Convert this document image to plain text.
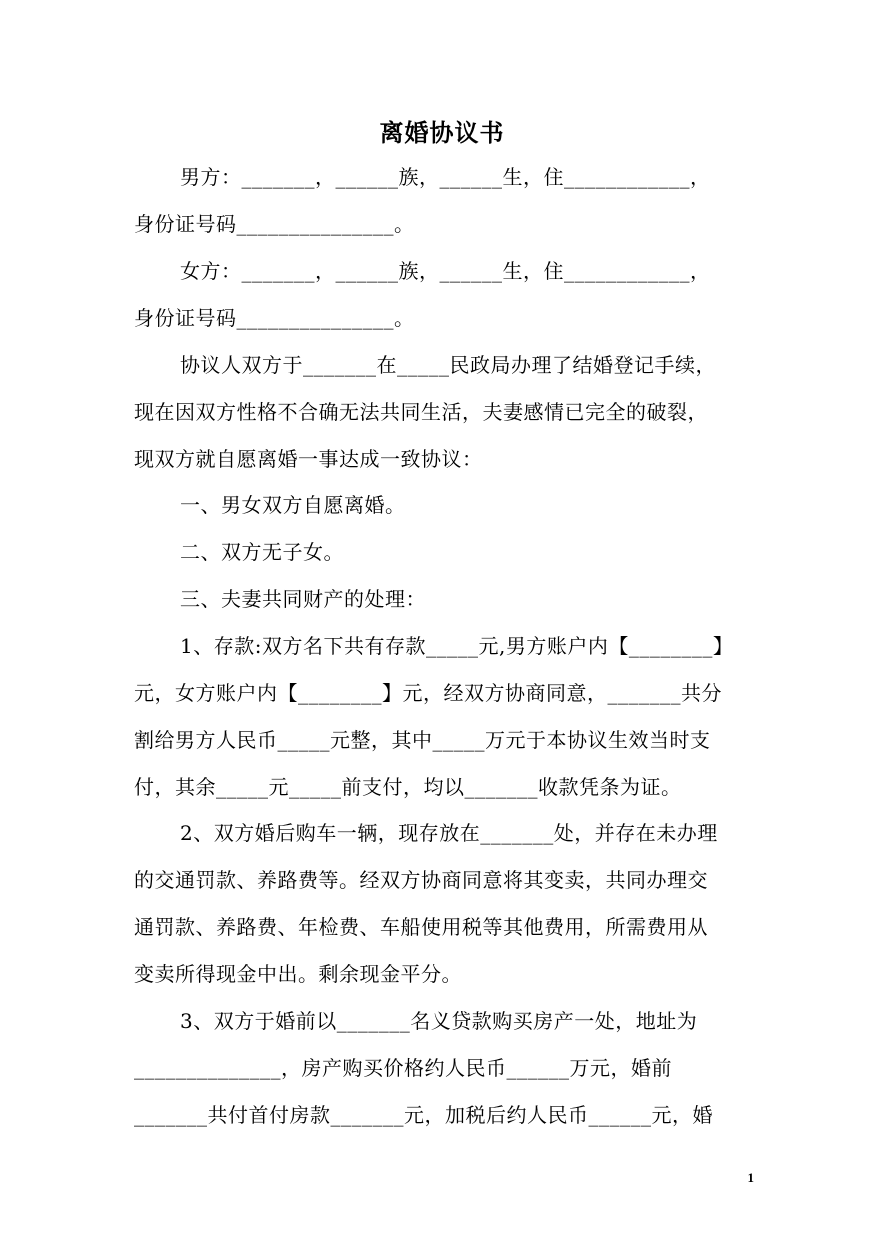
离婚协议书
男方：_______，______族，______生，住____________，
身份证号码_______________。
女方：_______，______族，______生，住____________，
身份证号码_______________。
协议人双方于_______在_____民政局办理了结婚登记手续，
现在因双方性格不合确无法共同生活，夫妻感情已完全的破裂，
现双方就自愿离婚一事达成一致协议：
一、男女双方自愿离婚。
二、双方无子女。
三、夫妻共同财产的处理：
1、存款:双方名下共有存款_____元,男方账户内【________】
元，女方账户内【________】元，经双方协商同意，_______共分
割给男方人民币_____元整，其中_____万元于本协议生效当时支
付，其余_____元_____前支付，均以_______收款凭条为证。
2、双方婚后购车一辆，现存放在_______处，并存在未办理
的交通罚款、养路费等。经双方协商同意将其变卖，共同办理交
通罚款、养路费、年检费、车船使用税等其他费用，所需费用从
变卖所得现金中出。剩余现金平分。
3、双方于婚前以_______名义贷款购买房产一处，地址为
______________，房产购买价格约人民币______万元，婚前
_______共付首付房款_______元，加税后约人民币______元，婚
1
